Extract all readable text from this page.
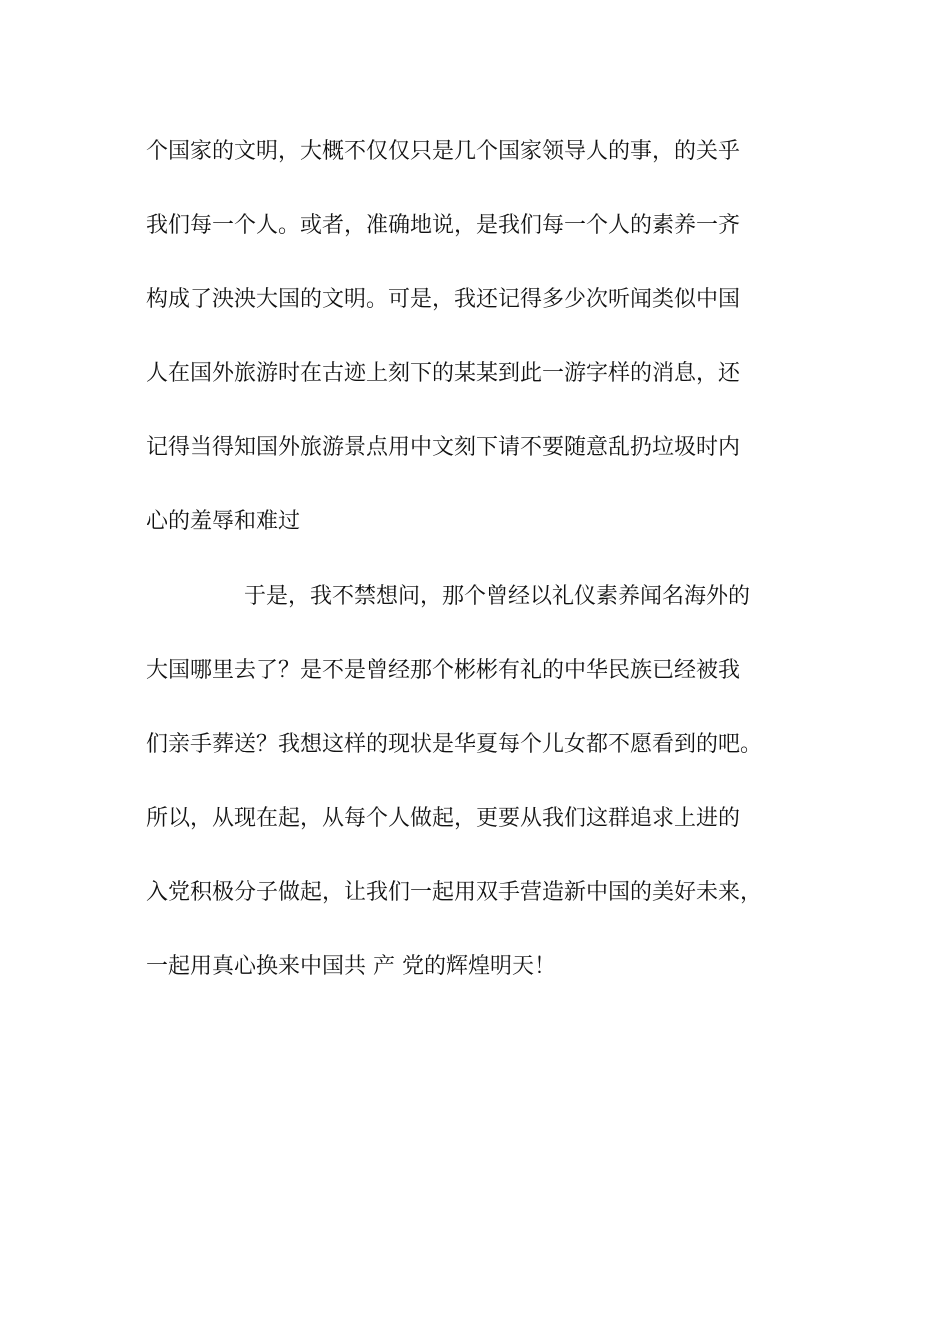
个国家的文明，大概不仅仅只是几个国家领导人的事，的关乎
我们每一个人。或者，准确地说，是我们每一个人的素养一齐
构成了泱泱大国的文明。可是，我还记得多少次听闻类似中国
人在国外旅游时在古迹上刻下的某某到此一游字样的消息，还
记得当得知国外旅游景点用中文刻下请不要随意乱扔垃圾时内
心的羞辱和难过
于是，我不禁想问，那个曾经以礼仪素养闻名海外的
大国哪里去了？是不是曾经那个彬彬有礼的中华民族已经被我
们亲手葬送？我想这样的现状是华夏每个儿女都不愿看到的吧。
所以，从现在起，从每个人做起，更要从我们这群追求上进的
入党积极分子做起，让我们一起用双手营造新中国的美好未来，
一起用真心换来中国共 产 党的辉煌明天！
